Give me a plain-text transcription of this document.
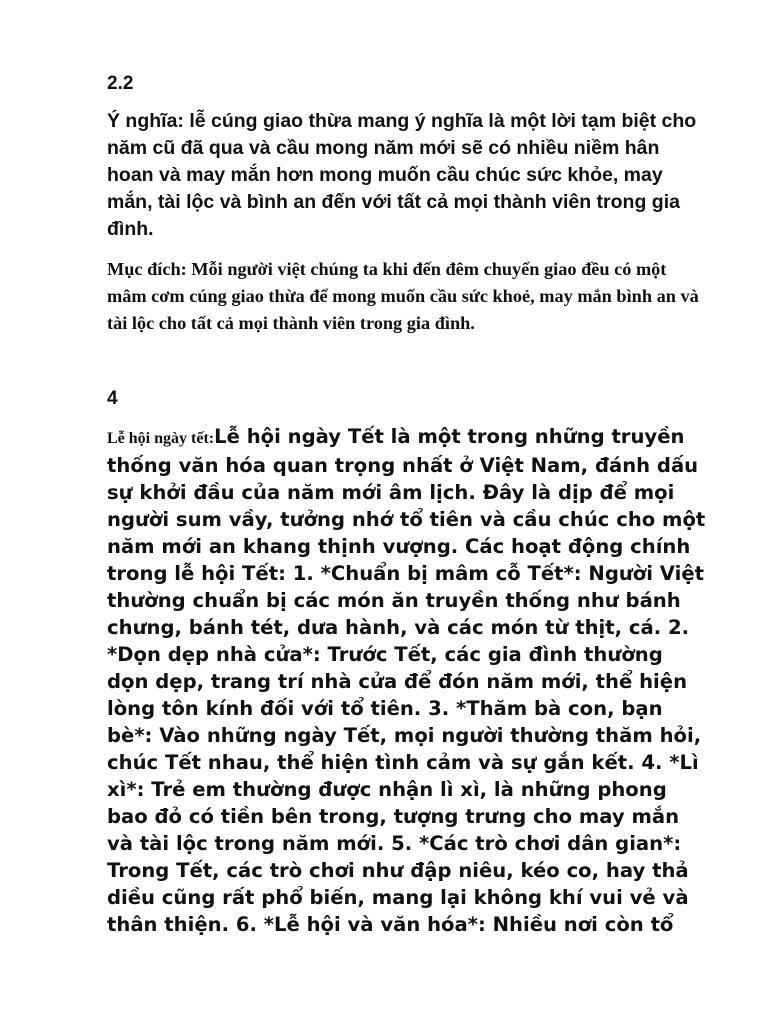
2.2

Ý nghĩa: lễ cúng giao thừa mang ý nghĩa là một lời tạm biệt cho năm cũ đã qua và cầu mong năm mới sẽ có nhiều niềm hân hoan và may mắn hơn mong muốn cầu chúc sức khỏe, may mắn, tài lộc và bình an đến với tất cả mọi thành viên trong gia đình.

Mục đích: Mỗi người việt chúng ta khi đến đêm chuyển giao đều có một mâm cơm cúng giao thừa để mong muốn cầu sức khoẻ, may mắn bình an và tài lộc cho tất cả mọi thành viên trong gia đình.

4

Lễ hội ngày tết:Lễ hội ngày Tết là một trong những truyền thống văn hóa quan trọng nhất ở Việt Nam, đánh dấu sự khởi đầu của năm mới âm lịch. Đây là dịp để mọi người sum vầy, tưởng nhớ tổ tiên và cầu chúc cho một năm mới an khang thịnh vượng. Các hoạt động chính trong lễ hội Tết: 1. *Chuẩn bị mâm cỗ Tết*: Người Việt thường chuẩn bị các món ăn truyền thống như bánh chưng, bánh tét, dưa hành, và các món từ thịt, cá. 2. *Dọn dẹp nhà cửa*: Trước Tết, các gia đình thường dọn dẹp, trang trí nhà cửa để đón năm mới, thể hiện lòng tôn kính đối với tổ tiên. 3. *Thăm bà con, bạn bè*: Vào những ngày Tết, mọi người thường thăm hỏi, chúc Tết nhau, thể hiện tình cảm và sự gắn kết. 4. *Lì xì*: Trẻ em thường được nhận lì xì, là những phong bao đỏ có tiền bên trong, tượng trưng cho may mắn và tài lộc trong năm mới. 5. *Các trò chơi dân gian*: Trong Tết, các trò chơi như đập niêu, kéo co, hay thả diều cũng rất phổ biến, mang lại không khí vui vẻ và thân thiện. 6. *Lễ hội và văn hóa*: Nhiều nơi còn tổ
